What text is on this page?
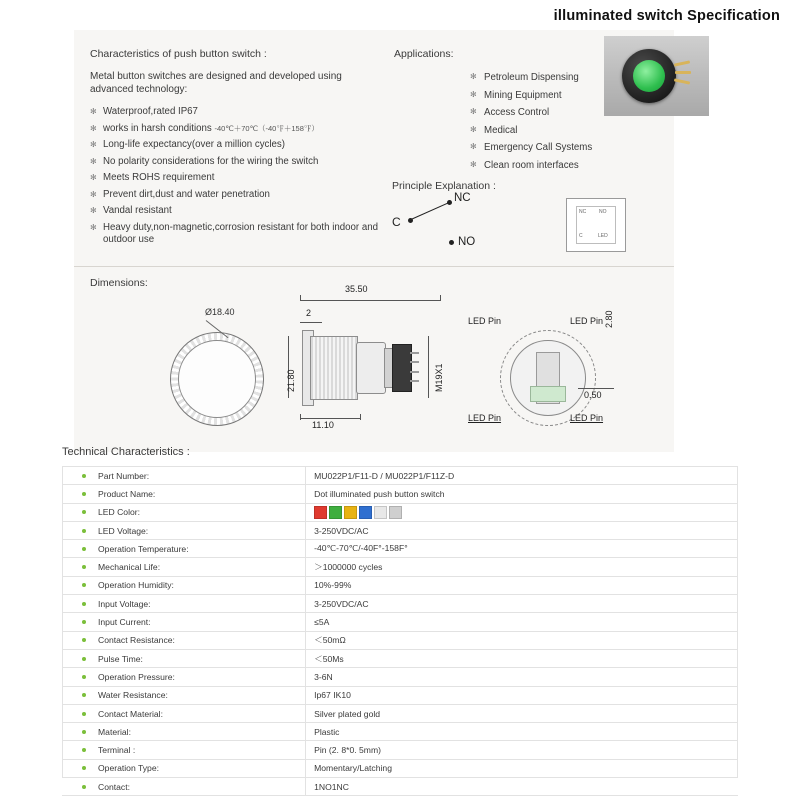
illuminated switch Specification
Characteristics of push button switch :
Metal button switches are designed and developed using advanced technology:
✻ Waterproof,rated IP67
✻ works in harsh conditions -40℃＋70℃（-40℉＋158℉）
✻ Long-life expectancy(over a million cycles)
✻ No polarity considerations for the wiring the switch
✻ Meets ROHS requirement
✻ Prevent dirt,dust and water penetration
✻ Vandal resistant
✻ Heavy duty,non-magnetic,corrosion resistant for both indoor and outdoor use
Applications:
✻ Petroleum Dispensing
✻ Mining Equipment
✻ Access Control
✻ Medical
✻ Emergency Call Systems
✻ Clean room interfaces
Principle Explanation :
C
NC
NO
NC	NO
C	LED
Dimensions:
Ø18.40
35.50
2
21.80	M19X1
11.10
LED Pin	LED Pin
LED Pin	LED Pin
2.80
0.50
Technical Characteristics :
Part Number:	MU022P1/F11-D / MU022P1/F11Z-D
Product Name:	Dot illuminated push button switch
LED Color:	
LED Voltage:	3-250VDC/AC
Operation Temperature:	-40℃-70℃/-40F°-158F°
Mechanical Life:	＞1000000 cycles
Operation Humidity:	10%-99%
Input Voltage:	3-250VDC/AC
Input Current:	≤5A
Contact Resistance:	＜50mΩ
Pulse Time:	＜50Ms
Operation Pressure:	3-6N
Water Resistance:	Ip67 IK10
Contact Material:	Silver plated gold
Material:	Plastic
Terminal :	Pin (2. 8*0. 5mm)
Operation Type:	Momentary/Latching
Contact:	1NO1NC
